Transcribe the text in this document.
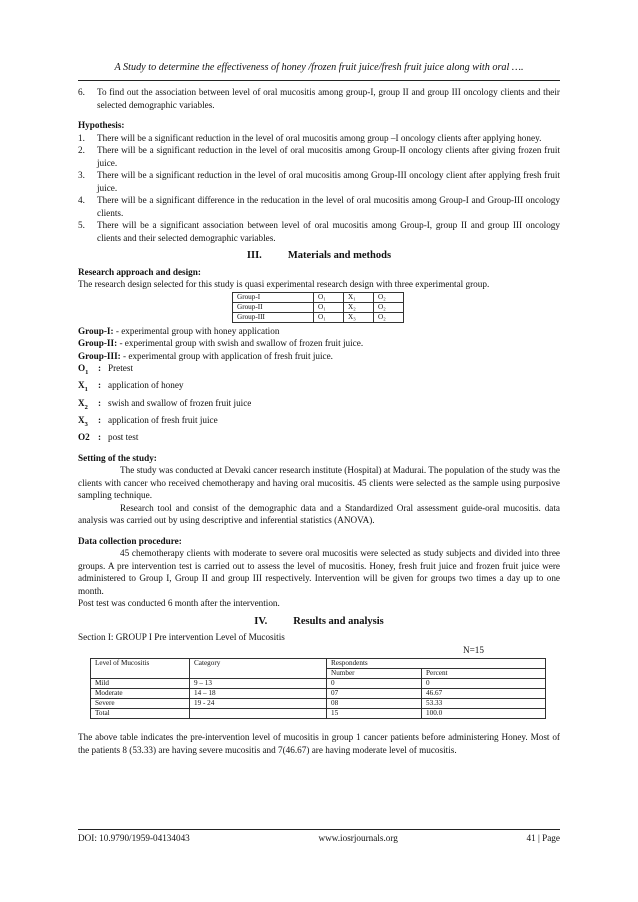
A Study to determine the effectiveness of honey /frozen fruit juice/fresh fruit juice along with oral ….
6.	To find out the association between level of oral mucositis among group-I, group II and group III oncology clients and their selected demographic variables.
Hypothesis:
1.	There will be a significant reduction in the level of oral mucositis among group –I oncology clients after applying honey.
2.	There will be a significant reduction in the level of oral mucositis among Group-II oncology clients after giving frozen fruit juice.
3.	There will be a significant reduction in the level of oral mucositis among Group-III oncology client after applying fresh fruit juice.
4.	There will be a significant difference in the reducation in the level of oral mucositis among Group-I and Group-III oncology clients.
5.	There will be a significant association between level of oral mucositis among Group-I, group II and group III oncology clients and their selected demographic variables.
III. Materials and methods
Research approach and design:
The research design selected for this study is quasi experimental research design with three experimental group.
Group-I	O₁	X₁	O₂
Group-II	O₁	X₂	O₂
Group-III	O₁	X₃	O₂
Group-I: - experimental group with honey application
Group-II: - experimental group with swish and swallow of frozen fruit juice.
Group-III: - experimental group with application of fresh fruit juice.
$O_1$	: Pretest
$X_1$	: application of honey
$X_2$	: swish and swallow of frozen fruit juice
$X_3$	: application of fresh fruit juice
O2 : post test
Setting of the study:
The study was conducted at Devaki cancer research institute (Hospital) at Madurai. The population of the study was the clients with cancer who received chemotherapy and having oral mucositis. 45 clients were selected as the sample using purposive sampling technique.
Research tool and consist of the demographic data and a Standardized Oral assessment guide-oral mucositis. data analysis was carried out by using descriptive and inferential statistics (ANOVA).
Data collection procedure:
45 chemotherapy clients with moderate to severe oral mucositis were selected as study subjects and divided into three groups. A pre intervention test is carried out to assess the level of mucositis. Honey, fresh fruit juice and frozen fruit juice were administered to Group I, Group II and group III respectively. Intervention will be given for groups two times a day up to one month.
Post test was conducted 6 month after the intervention.
IV. Results and analysis
Section I: GROUP I Pre intervention Level of Mucositis
N=15
Level of Mucositis	Category	Respondents	
		Number	Percent
Mild	9 – 13	0	0
Moderate	14 – 18	07	46.67
Severe	19 - 24	08	53.33
Total		15	100.0
The above table indicates the pre-intervention level of mucositis in group 1 cancer patients before administering Honey. Most of the patients 8 (53.33) are having severe mucositis and 7(46.67) are having moderate level of mucositis.
DOI: 10.9790/1959-04134043	www.iosrjournals.org	41 | Page
